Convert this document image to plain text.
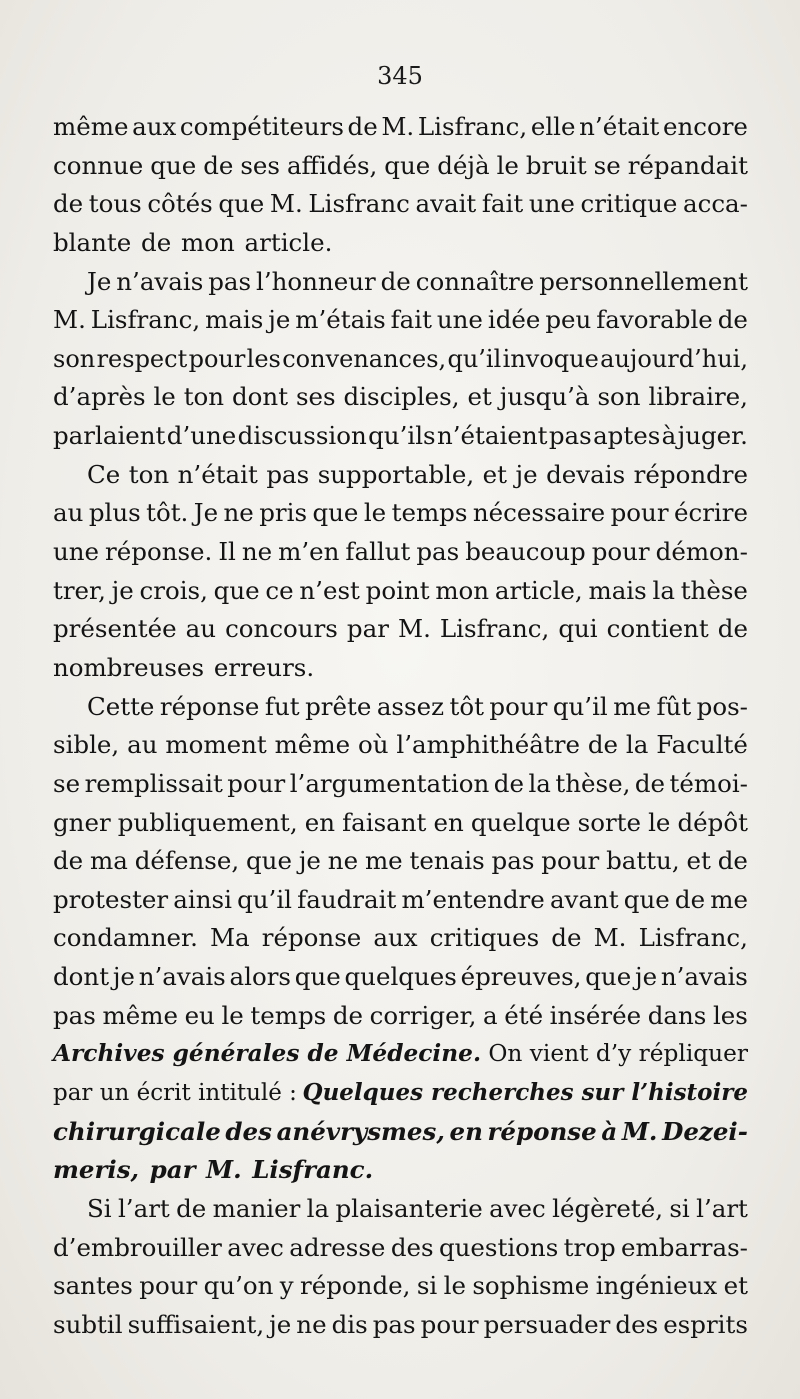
345
même aux compétiteurs de M. Lisfranc, elle n’était encore
connue que de ses affidés, que déjà le bruit se répandait
de tous côtés que M. Lisfranc avait fait une critique acca-
blante de mon article.
Je n’avais pas l’honneur de connaître personnellement
M. Lisfranc, mais je m’étais fait une idée peu favorable de
son respect pour les convenances, qu’il invoque aujourd’hui,
d’après le ton dont ses disciples, et jusqu’à son libraire,
parlaient d’une discussion qu’ils n’étaient pas aptes à juger.
Ce ton n’était pas supportable, et je devais répondre
au plus tôt. Je ne pris que le temps nécessaire pour écrire
une réponse. Il ne m’en fallut pas beaucoup pour démon-
trer, je crois, que ce n’est point mon article, mais la thèse
présentée au concours par M. Lisfranc, qui contient de
nombreuses erreurs.
Cette réponse fut prête assez tôt pour qu’il me fût pos-
sible, au moment même où l’amphithéâtre de la Faculté
se remplissait pour l’argumentation de la thèse, de témoi-
gner publiquement, en faisant en quelque sorte le dépôt
de ma défense, que je ne me tenais pas pour battu, et de
protester ainsi qu’il faudrait m’entendre avant que de me
condamner. Ma réponse aux critiques de M. Lisfranc,
dont je n’avais alors que quelques épreuves, que je n’avais
pas même eu le temps de corriger, a été insérée dans les
Archives générales de Médecine. On vient d’y répliquer
par un écrit intitulé : Quelques recherches sur l’histoire
chirurgicale des anévrysmes, en réponse à M. Dezei-
meris, par M. Lisfranc.
Si l’art de manier la plaisanterie avec légèreté, si l’art
d’embrouiller avec adresse des questions trop embarras-
santes pour qu’on y réponde, si le sophisme ingénieux et
subtil suffisaient, je ne dis pas pour persuader des esprits
